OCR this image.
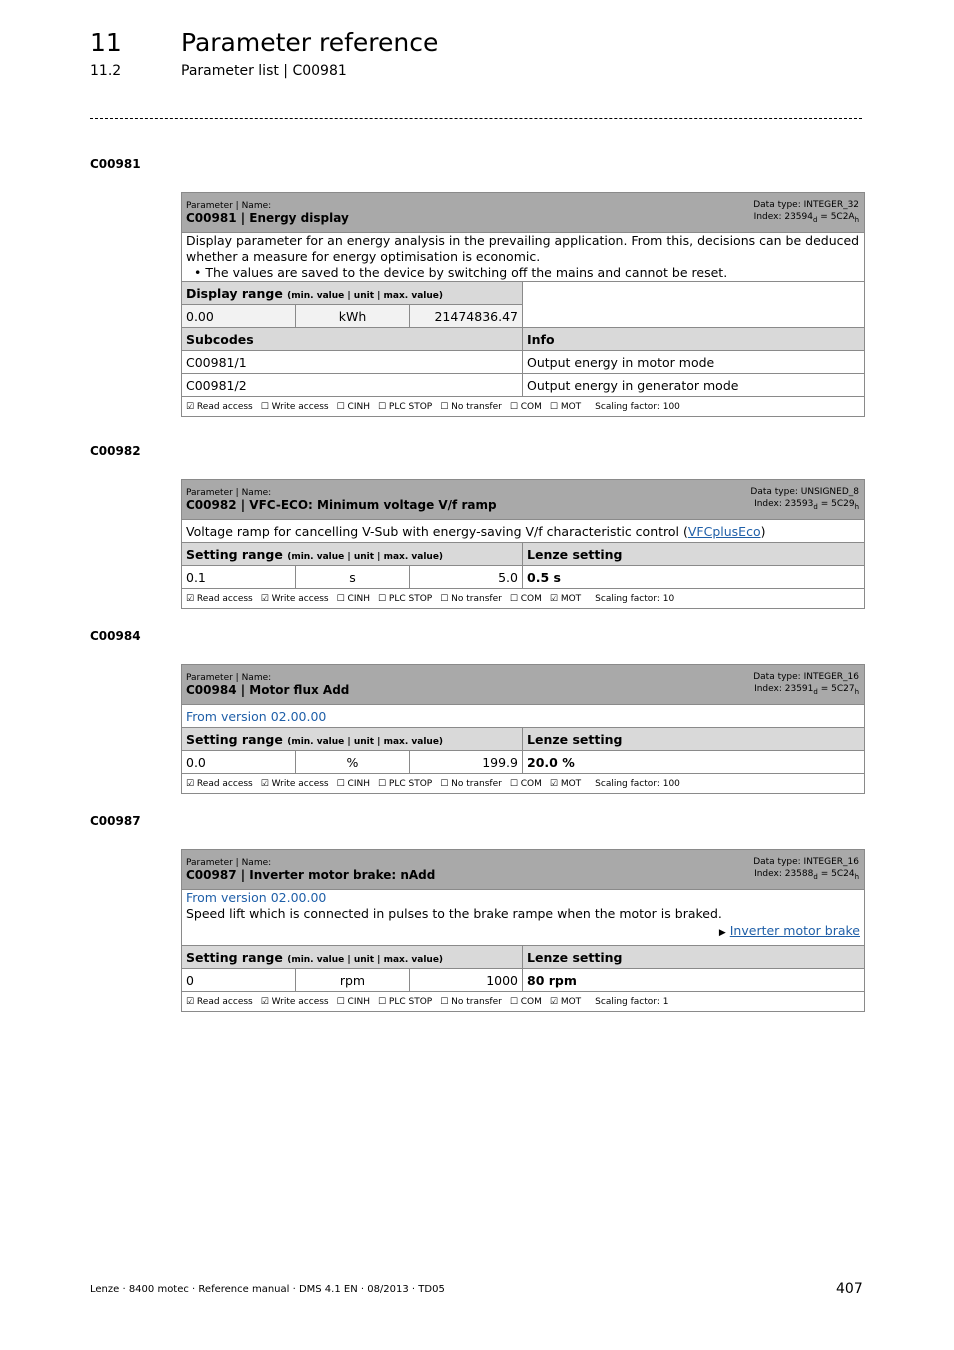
11 Parameter reference
11.2	Parameter list | C00981
C00981
Parameter | Name:
C00981 | Energy display
Data type: INTEGER_32
Index: $23594_d = 5C2A_h$

Display parameter for an energy analysis in the prevailing application. From this, decisions can be deduced whether a measure for energy optimisation is economic.
• The values are saved to the device by switching off the mains and cannot be reset.			

Display range (min. value | unit | max. value)			
0.00	kWh	21474836.47	
Subcodes			Info
C00981/1			Output energy in motor mode
C00981/2			Output energy in generator mode
☑ Read access ☐ Write access ☐ CINH ☐ PLC STOP ☐ No transfer ☐ COM ☐ MOT Scaling factor: 100			
C00982
Parameter | Name:
C00982 | VFC-ECO: Minimum voltage V/f ramp
Data type: UNSIGNED_8
Index: $23593_d = 5C29_h$

Voltage ramp for cancelling V-Sub with energy-saving V/f characteristic control (VFCplusEco)			
Setting range (min. value | unit | max. value)			Lenze setting
0.1	s	5.0	0.5 s
☑ Read access ☑ Write access ☐ CINH ☐ PLC STOP ☐ No transfer ☐ COM ☑ MOT Scaling factor: 10			
C00984
Parameter | Name:
C00984 | Motor flux Add
Data type: INTEGER_16
Index: $23591_d = 5C27_h$

From version 02.00.00			
Setting range (min. value | unit | max. value)			Lenze setting
0.0	%	199.9	20.0 %
☑ Read access ☑ Write access ☐ CINH ☐ PLC STOP ☐ No transfer ☐ COM ☑ MOT Scaling factor: 100			
C00987
Parameter | Name:
C00987 | Inverter motor brake: nAdd
Data type: INTEGER_16
Index: $23588_d = 5C24_h$

From version 02.00.00
Speed lift which is connected in pulses to the brake rampe when the motor is braked.
▶ Inverter motor brake			

Setting range (min. value | unit | max. value)			Lenze setting
0	rpm	1000	80 rpm
☑ Read access ☑ Write access ☐ CINH ☐ PLC STOP ☐ No transfer ☐ COM ☑ MOT Scaling factor: 1			
Lenze · 8400 motec · Reference manual · DMS 4.1 EN · 08/2013 · TD05	407
